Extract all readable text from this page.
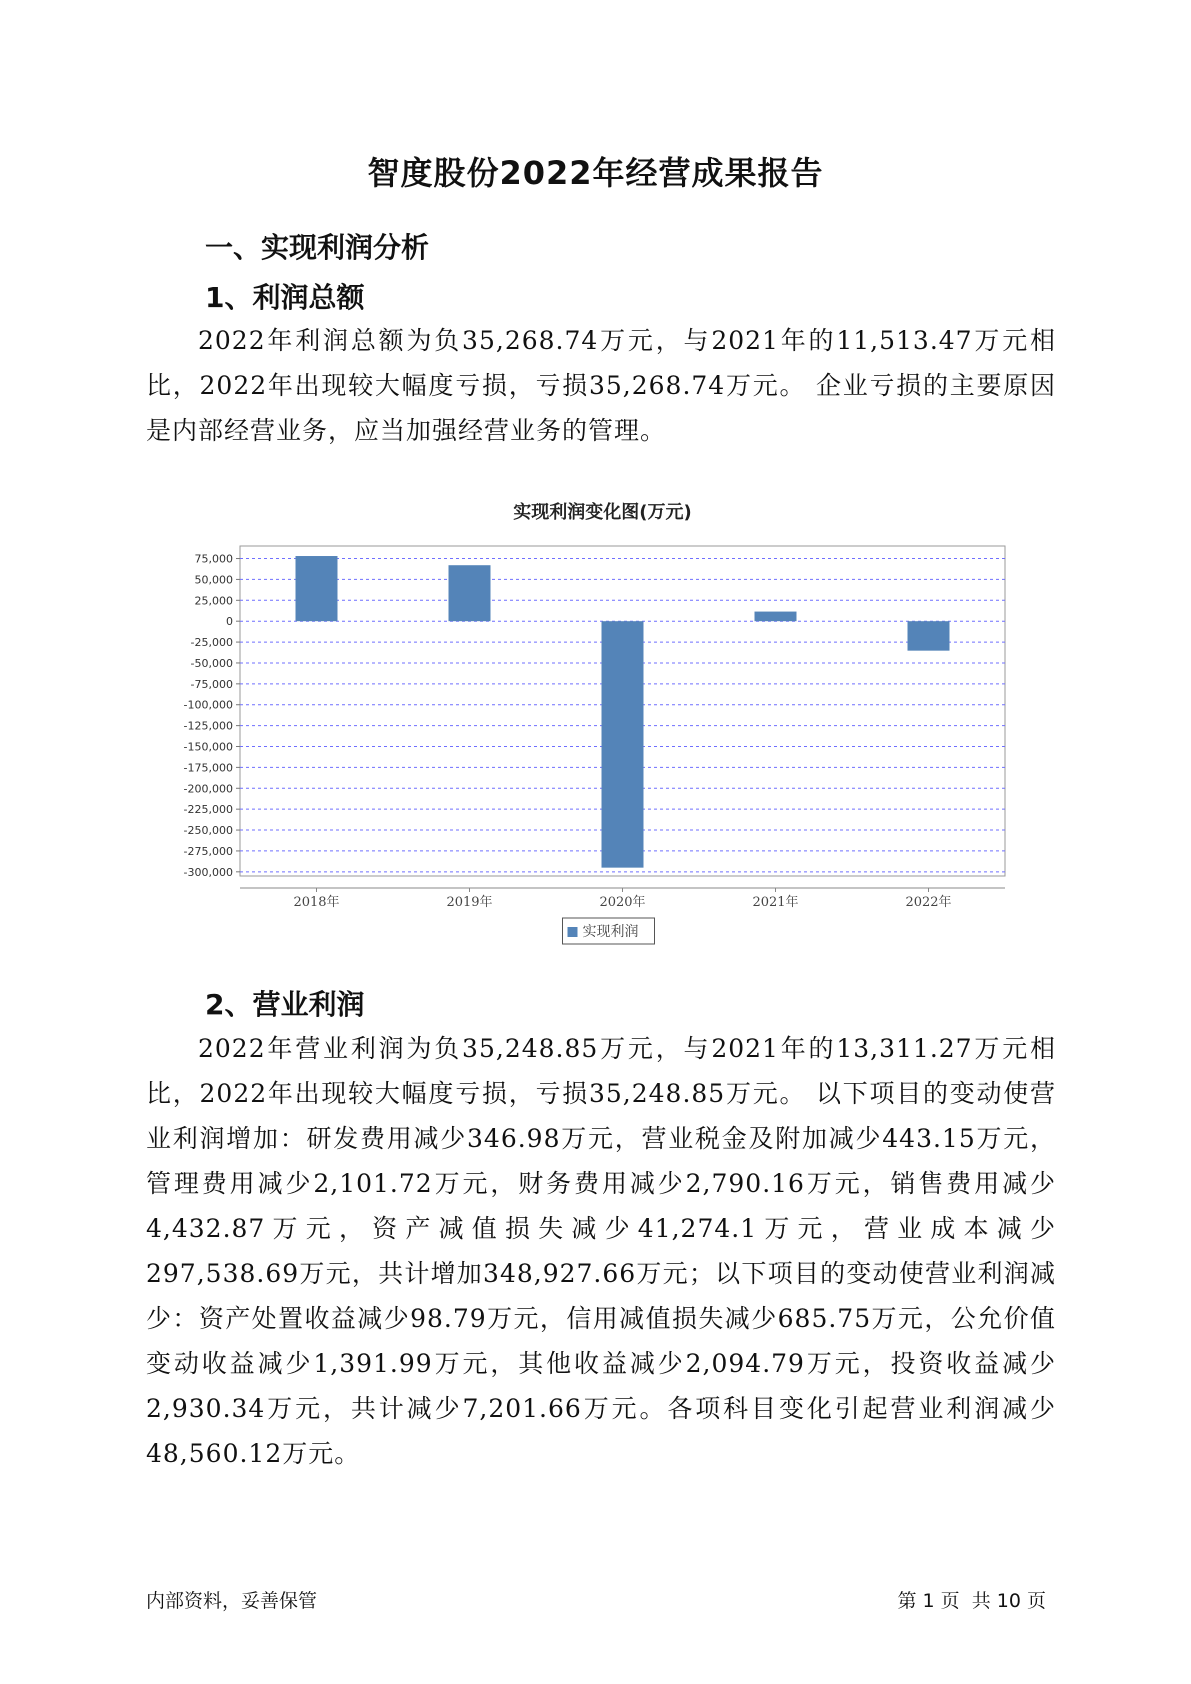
智度股份2022年经营成果报告
一、实现利润分析
1、利润总额
2022年利润总额为负35,268.74万元，与2021年的11,513.47万元相比，2022年出现较大幅度亏损，亏损35,268.74万元。 企业亏损的主要原因是内部经营业务，应当加强经营业务的管理。
实现利润变化图(万元)
75,000
50,000
25,000
0
-25,000
-50,000
-75,000
-100,000
-125,000
-150,000
-175,000
-200,000
-225,000
-250,000
-275,000
-300,000
2018年	2019年	2020年	2021年	2022年
实现利润
2、营业利润
2022年营业利润为负35,248.85万元，与2021年的13,311.27万元相比，2022年出现较大幅度亏损，亏损35,248.85万元。 以下项目的变动使营业利润增加：研发费用减少346.98万元，营业税金及附加减少443.15万元，管理费用减少2,101.72万元，财务费用减少2,790.16万元，销售费用减少4,432.87万元，资产减值损失减少41,274.1万元，营业成本减少297,538.69万元，共计增加348,927.66万元；以下项目的变动使营业利润减少：资产处置收益减少98.79万元，信用减值损失减少685.75万元，公允价值变动收益减少1,391.99万元，其他收益减少2,094.79万元，投资收益减少2,930.34万元，共计减少7,201.66万元。各项科目变化引起营业利润减少48,560.12万元。
内部资料，妥善保管	第 1 页  共 10 页
